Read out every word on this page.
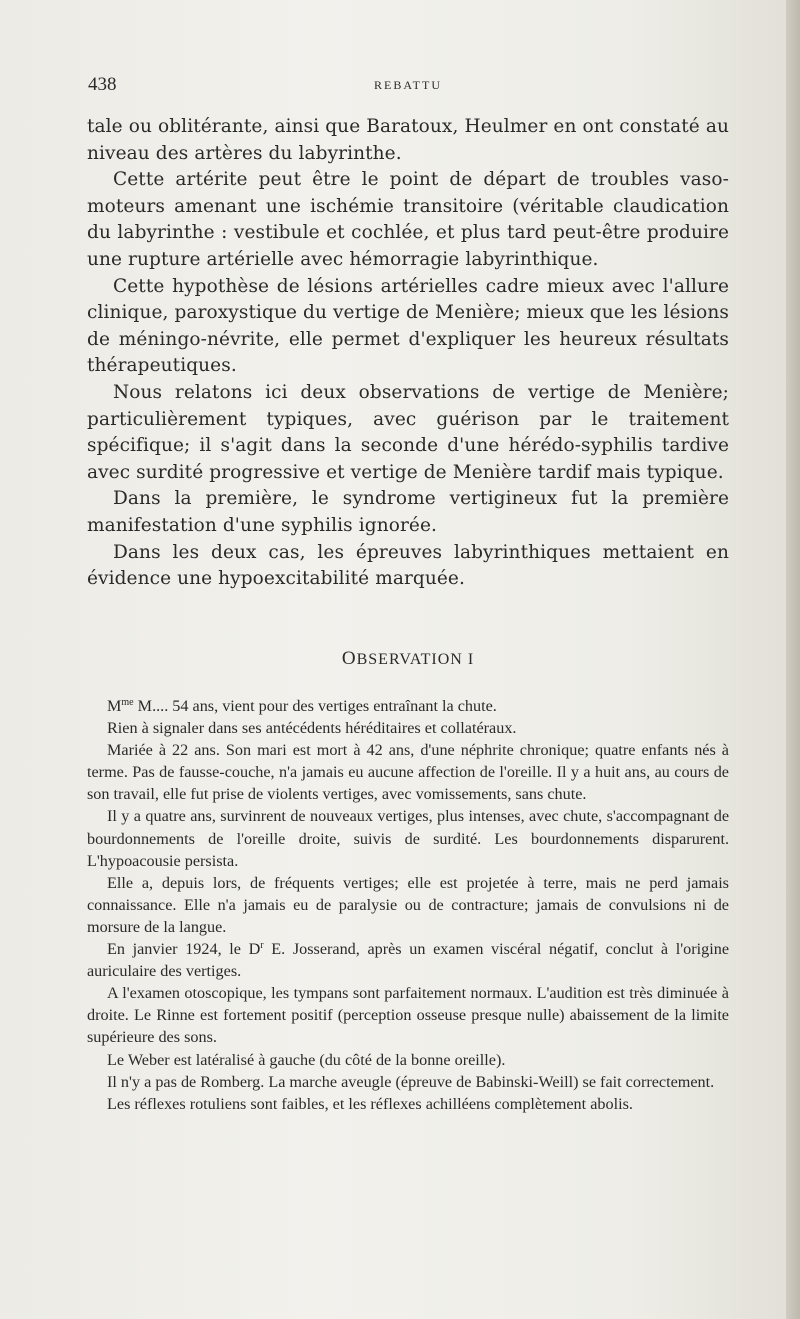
438	REBATTU

tale ou oblitérante, ainsi que Baratoux, Heulmer en ont constaté au niveau des artères du labyrinthe.

Cette artérite peut être le point de départ de troubles vaso-moteurs amenant une ischémie transitoire (véritable claudication du labyrinthe : vestibule et cochlée, et plus tard peut-être produire une rupture artérielle avec hémorragie labyrinthique.

Cette hypothèse de lésions artérielles cadre mieux avec l'allure clinique, paroxystique du vertige de Menière; mieux que les lésions de méningo-névrite, elle permet d'expliquer les heureux résultats thérapeutiques.

Nous relatons ici deux observations de vertige de Menière; particulièrement typiques, avec guérison par le traitement spécifique; il s'agit dans la seconde d'une hérédo-syphilis tardive avec surdité progressive et vertige de Menière tardif mais typique.

Dans la première, le syndrome vertigineux fut la première manifestation d'une syphilis ignorée.

Dans les deux cas, les épreuves labyrinthiques mettaient en évidence une hypoexcitabilité marquée.

OBSERVATION I

$M^{me}$ M.... 54 ans, vient pour des vertiges entraînant la chute.

Rien à signaler dans ses antécédents héréditaires et collatéraux.

Mariée à 22 ans. Son mari est mort à 42 ans, d'une néphrite chronique; quatre enfants nés à terme. Pas de fausse-couche, n'a jamais eu aucune affection de l'oreille. Il y a huit ans, au cours de son travail, elle fut prise de violents vertiges, avec vomissements, sans chute.

Il y a quatre ans, survinrent de nouveaux vertiges, plus intenses, avec chute, s'accompagnant de bourdonnements de l'oreille droite, suivis de surdité. Les bourdonnements disparurent. L'hypoacousie persista.

Elle a, depuis lors, de fréquents vertiges; elle est projetée à terre, mais ne perd jamais connaissance. Elle n'a jamais eu de paralysie ou de contracture; jamais de convulsions ni de morsure de la langue.

En janvier 1924, le $D^r$ E. Josserand, après un examen viscéral négatif, conclut à l'origine auriculaire des vertiges.

A l'examen otoscopique, les tympans sont parfaitement normaux. L'audition est très diminuée à droite. Le Rinne est fortement positif (perception osseuse presque nulle) abaissement de la limite supérieure des sons.

Le Weber est latéralisé à gauche (du côté de la bonne oreille).

Il n'y a pas de Romberg. La marche aveugle (épreuve de Babinski-Weill) se fait correctement.

Les réflexes rotuliens sont faibles, et les réflexes achilléens complètement abolis.
